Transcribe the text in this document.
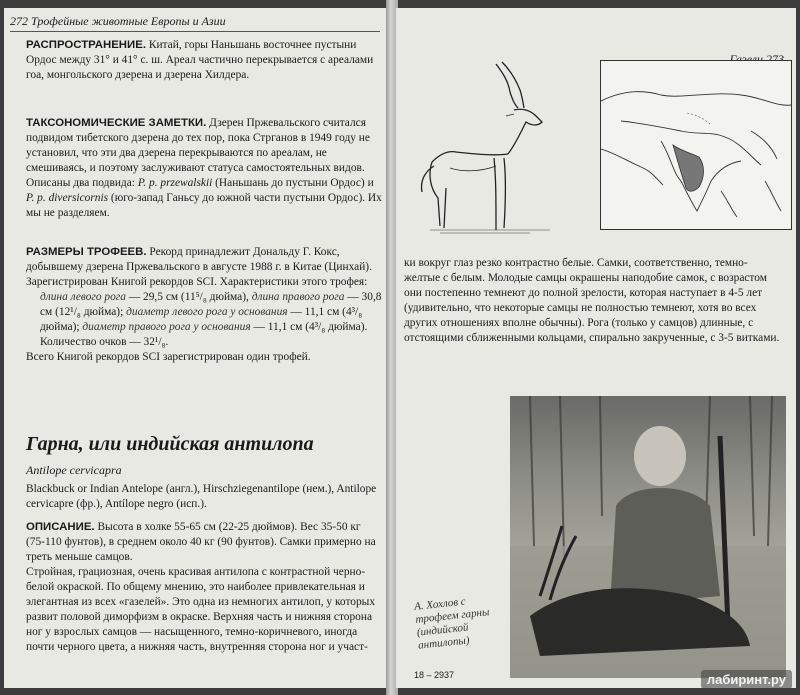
272 Трофейные животные Европы и Азии

РАСПРОСТРАНЕНИЕ. Китай, горы Наньшань восточнее пустыни Ордос между 31° и 41° с. ш. Ареал частично перекрывается с ареалами гоа, монгольского дзерена и дзерена Хилдера.

ТАКСОНОМИЧЕСКИЕ ЗАМЕТКИ. Дзерен Пржевальского считался подвидом тибетского дзерена до тех пор, пока Стрганов в 1949 году не установил, что эти два дзерена перекрываются по ареалам, не смешиваясь, и поэтому заслуживают статуса самостоятельных видов.

Описаны два подвида: P. p. przewalskii (Наньшань до пустыни Ордос) и P. p. diversicornis (юго-запад Ганьсу до южной части пустыни Ордос). Их мы не разделяем.

РАЗМЕРЫ ТРОФЕЕВ. Рекорд принадлежит Дональду Г. Кокс, добывшему дзерена Пржевальского в августе 1988 г. в Китае (Цинхай). Зарегистрирован Книгой рекордов SCI. Характеристики этого трофея:

длина левого рога — 29,5 см (11⁵/₈ дюйма), длина правого рога — 30,8 см (12¹/₈ дюйма); диаметр левого рога у основания — 11,1 см (4³/₈ дюйма); диаметр правого рога у основания — 11,1 см (4³/₈ дюйма).

Количество очков — 32¹/₈.

Всего Книгой рекордов SCI зарегистрирован один трофей.

Гарна, или индийская антилопа
Antilope cervicapra

Blackbuck or Indian Antelope (англ.), Hirschziegenantilope (нем.), Antilope cervicapre (фр.), Antílope negro (исп.).

ОПИСАНИЕ. Высота в холке 55-65 см (22-25 дюймов). Вес 35-50 кг (75-110 фунтов), в среднем около 40 кг (90 фунтов). Самки примерно на треть меньше самцов.

Стройная, грациозная, очень красивая антилопа с контрастной черно-белой окраской. По общему мнению, это наиболее привлекательная и элегантная из всех «газелей». Это одна из немногих антилоп, у которых развит половой диморфизм в окраске. Верхняя часть и нижняя сторона ног у взрослых самцов — насыщенного, темно-коричневого, иногда почти черного цвета, а нижняя часть, внутренняя сторона ног и участ-

Газели 273
ки вокруг глаз резко контрастно белые. Самки, соответственно, темно-желтые с белым. Молодые самцы окрашены наподобие самок, с возрастом они постепенно темнеют до полной зрелости, которая наступает в 4-5 лет (удивительно, что некоторые самцы не полностью темнеют, хотя во всех других отношениях вполне обычны). Рога (только у самцов) длинные, с отстоящими сближенными кольцами, спирально закрученные, с 3-5 витками.
А. Хохлов с трофеем гарны (индийской антилопы)
18 – 2937	лабиринт.ру
